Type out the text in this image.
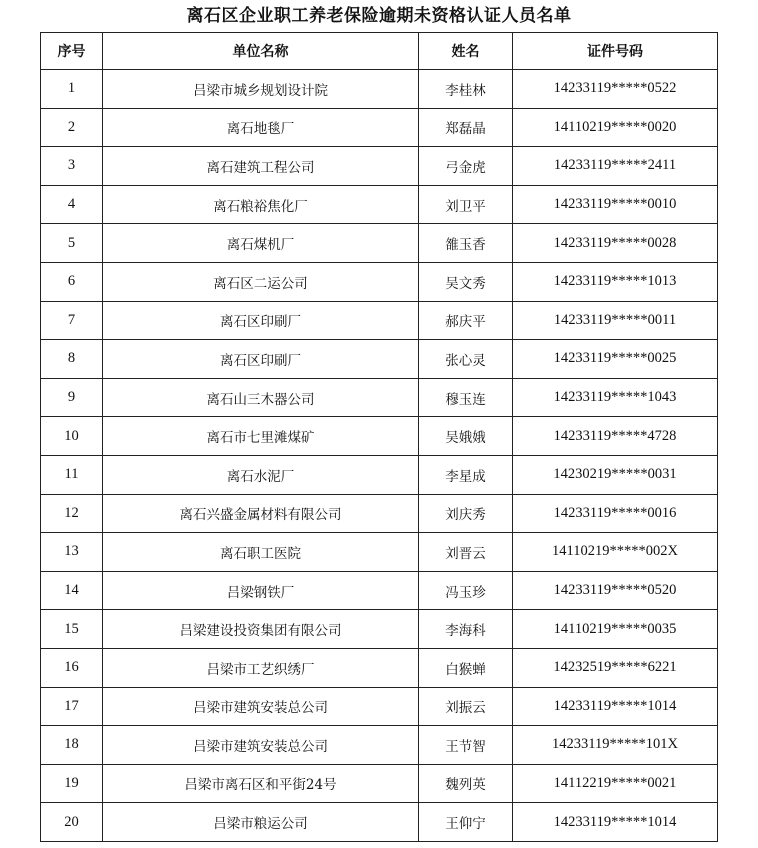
离石区企业职工养老保险逾期未资格认证人员名单
序号	单位名称	姓名	证件号码
1	吕梁市城乡规划设计院	李桂林	14233119*****0522
2	离石地毯厂	郑磊晶	14110219*****0020
3	离石建筑工程公司	弓金虎	14233119*****2411
4	离石粮裕焦化厂	刘卫平	14233119*****0010
5	离石煤机厂	雒玉香	14233119*****0028
6	离石区二运公司	吴文秀	14233119*****1013
7	离石区印刷厂	郝庆平	14233119*****0011
8	离石区印刷厂	张心灵	14233119*****0025
9	离石山三木器公司	穆玉连	14233119*****1043
10	离石市七里滩煤矿	吴娥娥	14233119*****4728
11	离石水泥厂	李星成	14230219*****0031
12	离石兴盛金属材料有限公司	刘庆秀	14233119*****0016
13	离石职工医院	刘晋云	14110219*****002X
14	吕梁钢铁厂	冯玉珍	14233119*****0520
15	吕梁建设投资集团有限公司	李海科	14110219*****0035
16	吕梁市工艺织绣厂	白猴蝉	14232519*****6221
17	吕梁市建筑安装总公司	刘振云	14233119*****1014
18	吕梁市建筑安装总公司	王节智	14233119*****101X
19	吕梁市离石区和平街24号	魏列英	14112219*****0021
20	吕梁市粮运公司	王仰宁	14233119*****1014
